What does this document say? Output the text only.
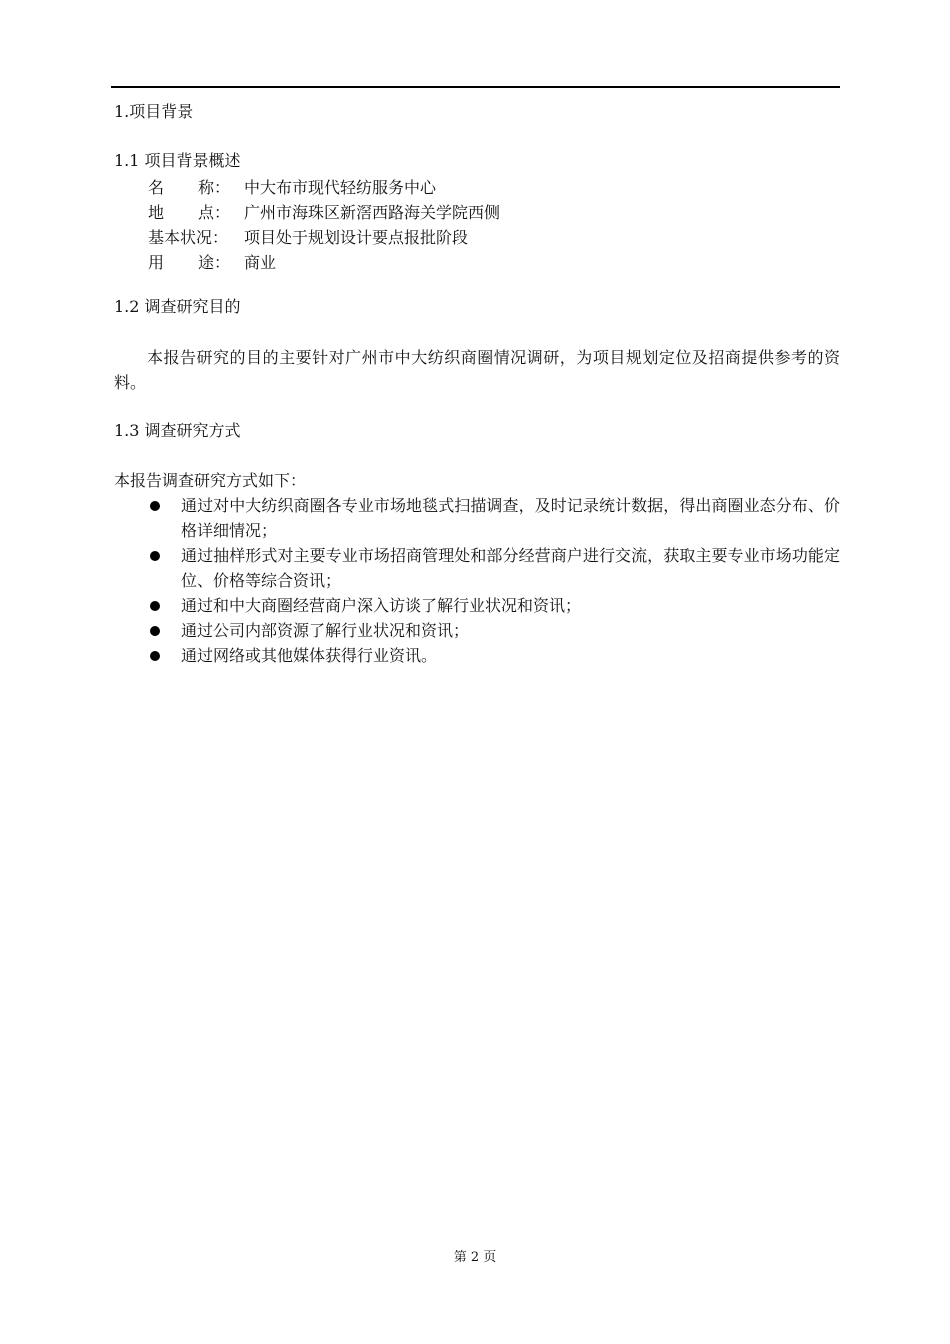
1.项目背景
1.1 项目背景概述
名 称： 中大布市现代轻纺服务中心
地 点： 广州市海珠区新滘西路海关学院西侧
基本状况： 项目处于规划设计要点报批阶段
用 途： 商业
1.2 调查研究目的

本报告研究的目的主要针对广州市中大纺织商圈情况调研，为项目规划定位及招商提供参考的资料。

1.3 调查研究方式

本报告调查研究方式如下：

通过对中大纺织商圈各专业市场地毯式扫描调查，及时记录统计数据，得出商圈业态分布、价格详细情况；
通过抽样形式对主要专业市场招商管理处和部分经营商户进行交流，获取主要专业市场功能定位、价格等综合资讯；
通过和中大商圈经营商户深入访谈了解行业状况和资讯；
通过公司内部资源了解行业状况和资讯；
通过网络或其他媒体获得行业资讯。
第 2 页
